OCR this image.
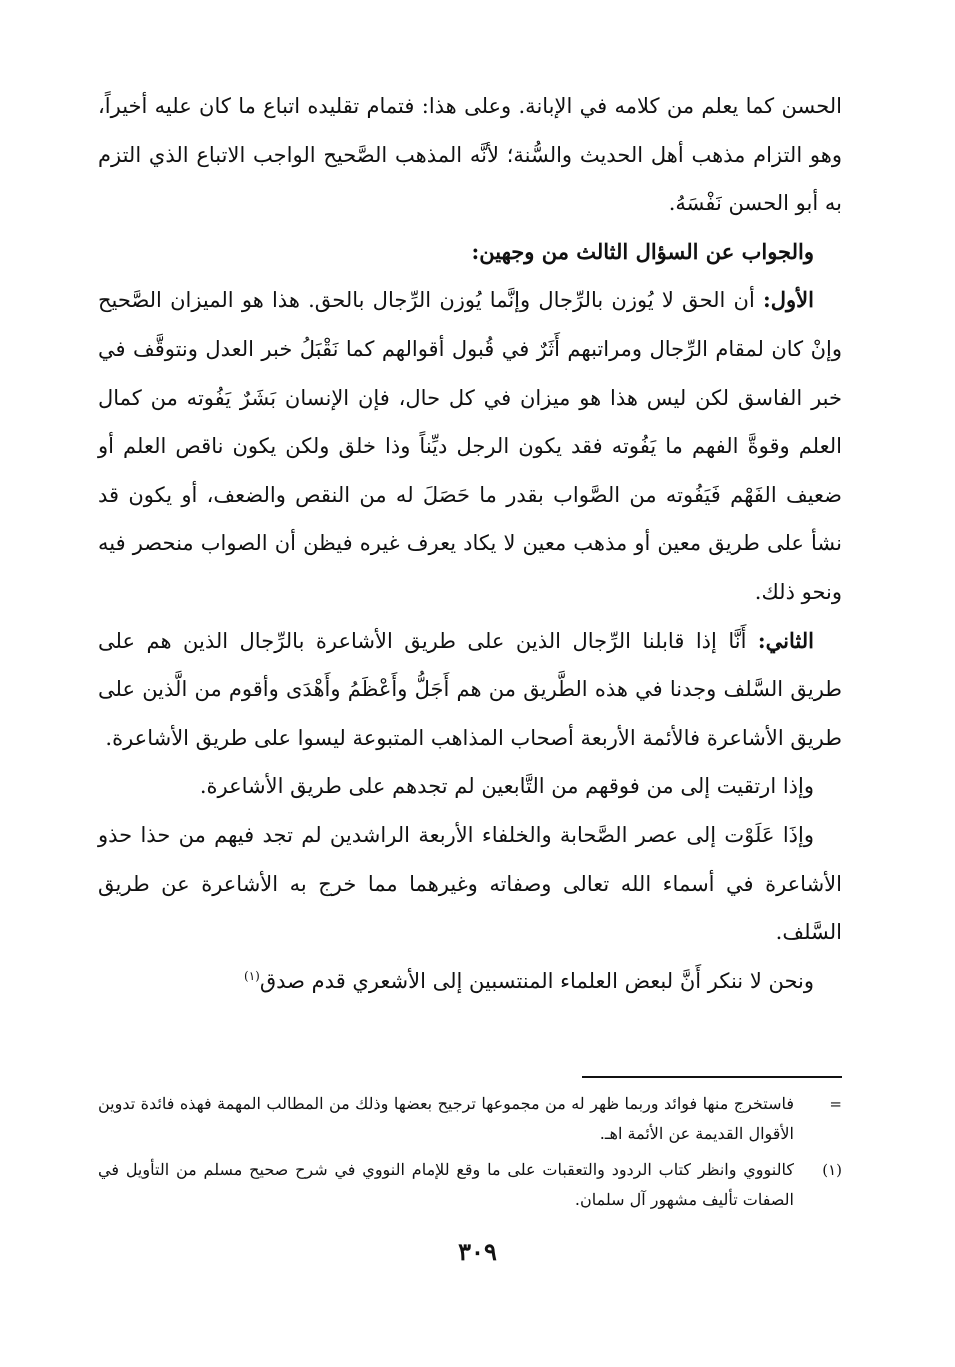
الحسن كما يعلم من كلامه في الإبانة. وعلى هذا: فتمام تقليده اتباع ما كان عليه أخيراً، وهو التزام مذهب أهل الحديث والسُّنة؛ لأنَّه المذهب الصَّحيح الواجب الاتباع الذي التزم به أبو الحسن نَفْسَهُ.

والجواب عن السؤال الثالث من وجهين:

الأول: أن الحق لا يُوزن بالرِّجال وإنَّما يُوزن الرِّجال بالحق. هذا هو الميزان الصَّحيح وإنْ كان لمقام الرِّجال ومراتبهم أَثَرٌ في قُبول أقوالهم كما نَقْبَلُ خبر العدل ونتوقَّف في خبر الفاسق لكن ليس هذا هو ميزان في كل حال، فإن الإنسان بَشَرٌ يَفُوته من كمال العلم وقوةَّ الفهم ما يَفُوته فقد يكون الرجل ديِّناً وذا خلق ولكن يكون ناقص العلم أو ضعيف الفَهْم فَيَفُوته من الصَّواب بقدر ما حَصَلَ له من النقص والضعف، أو يكون قد نشأ على طريق معين أو مذهب معين لا يكاد يعرف غيره فيظن أن الصواب منحصر فيه ونحو ذلك.

الثاني: أَنَّا إذا قابلنا الرِّجال الذين على طريق الأشاعرة بالرِّجال الذين هم على طريق السَّلف وجدنا في هذه الطَّريق من هم أَجَلُّ وأَعْظَمُ وأَهْدَى وأقوم من الَّذين على طريق الأشاعرة فالأئمة الأربعة أصحاب المذاهب المتبوعة ليسوا على طريق الأشاعرة.

وإذا ارتقيت إلى من فوقهم من التَّابعين لم تجدهم على طريق الأشاعرة.

وإذَا عَلَوْت إلى عصر الصَّحابة والخلفاء الأربعة الراشدين لم تجد فيهم من حذا حذو الأشاعرة في أسماء الله تعالى وصفاته وغيرهما مما خرج به الأشاعرة عن طريق السَّلف.

ونحن لا ننكر أَنَّ لبعض العلماء المنتسبين إلى الأشعري قدم صدق$^{(١)}$

=

فاستخرج منها فوائد وربما ظهر له من مجموعها ترجيح بعضها وذلك من المطالب المهمة فهذه فائدة تدوين الأقوال القديمة عن الأئمة اهـ.

(١)

كالنووي وانظر كتاب الردود والتعقبات على ما وقع للإمام النووي في شرح صحيح مسلم من التأويل في الصفات تأليف مشهور آل سلمان.

٣٠٩
